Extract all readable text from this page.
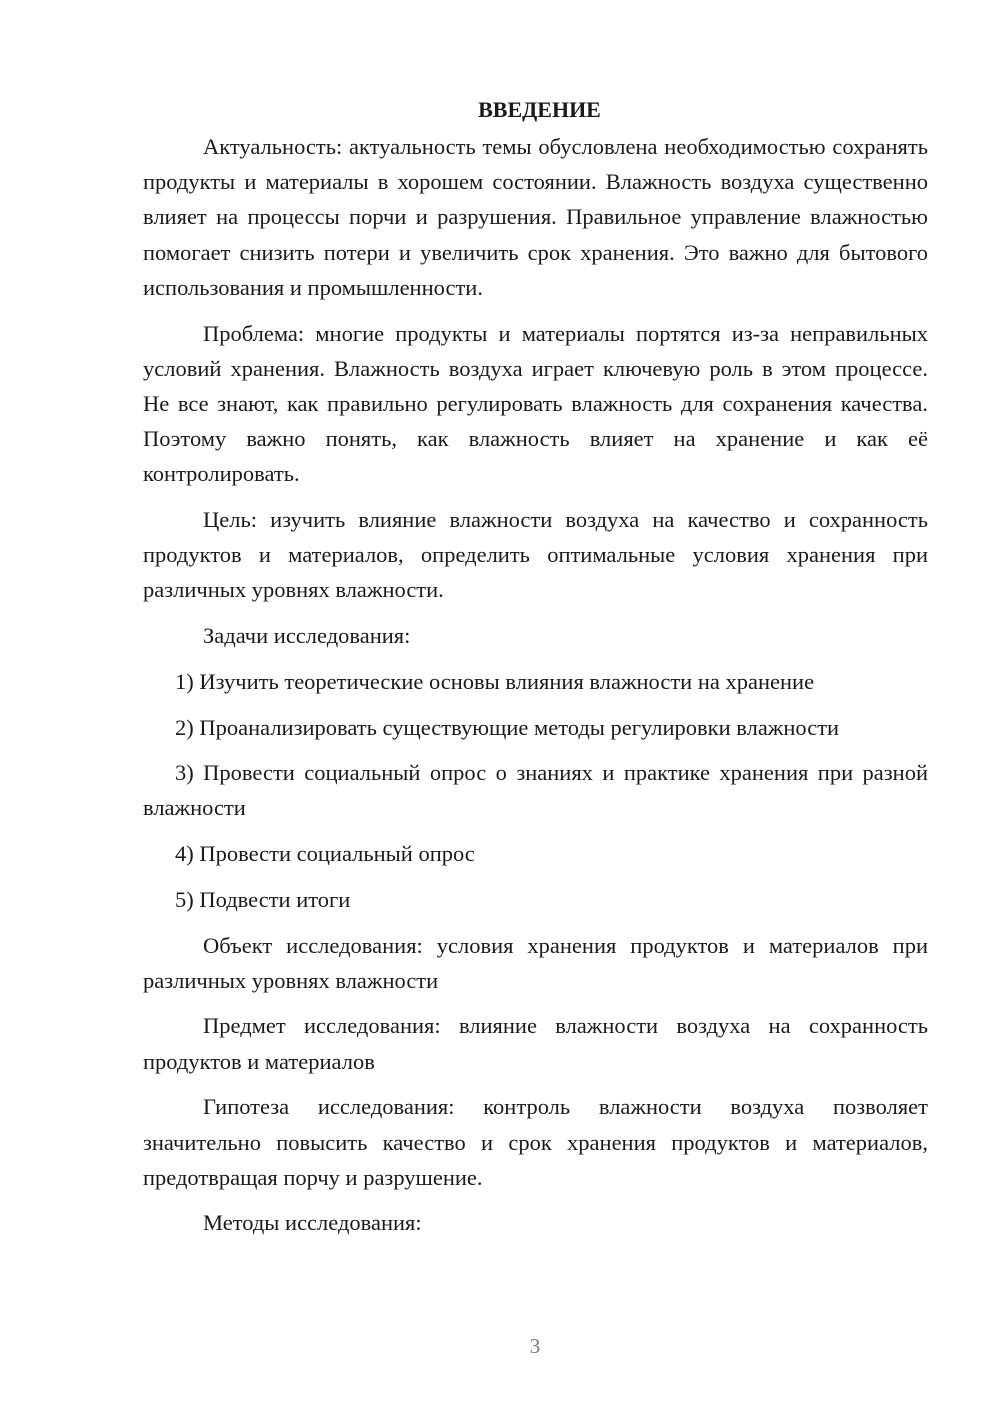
ВВЕДЕНИЕ

Актуальность: актуальность темы обусловлена необходимостью сохранять продукты и материалы в хорошем состоянии. Влажность воздуха существенно влияет на процессы порчи и разрушения. Правильное управление влажностью помогает снизить потери и увеличить срок хранения. Это важно для бытового использования и промышленности.

Проблема: многие продукты и материалы портятся из-за неправильных условий хранения. Влажность воздуха играет ключевую роль в этом процессе. Не все знают, как правильно регулировать влажность для сохранения качества. Поэтому важно понять, как влажность влияет на хранение и как её контролировать.

Цель: изучить влияние влажности воздуха на качество и сохранность продуктов и материалов, определить оптимальные условия хранения при различных уровнях влажности.

Задачи исследования:

1) Изучить теоретические основы влияния влажности на хранение

2) Проанализировать существующие методы регулировки влажности

3) Провести социальный опрос о знаниях и практике хранения при разной влажности

4) Провести социальный опрос

5) Подвести итоги

Объект исследования: условия хранения продуктов и материалов при различных уровнях влажности

Предмет исследования: влияние влажности воздуха на сохранность продуктов и материалов

Гипотеза исследования: контроль влажности воздуха позволяет значительно повысить качество и срок хранения продуктов и материалов, предотвращая порчу и разрушение.

Методы исследования:

3
